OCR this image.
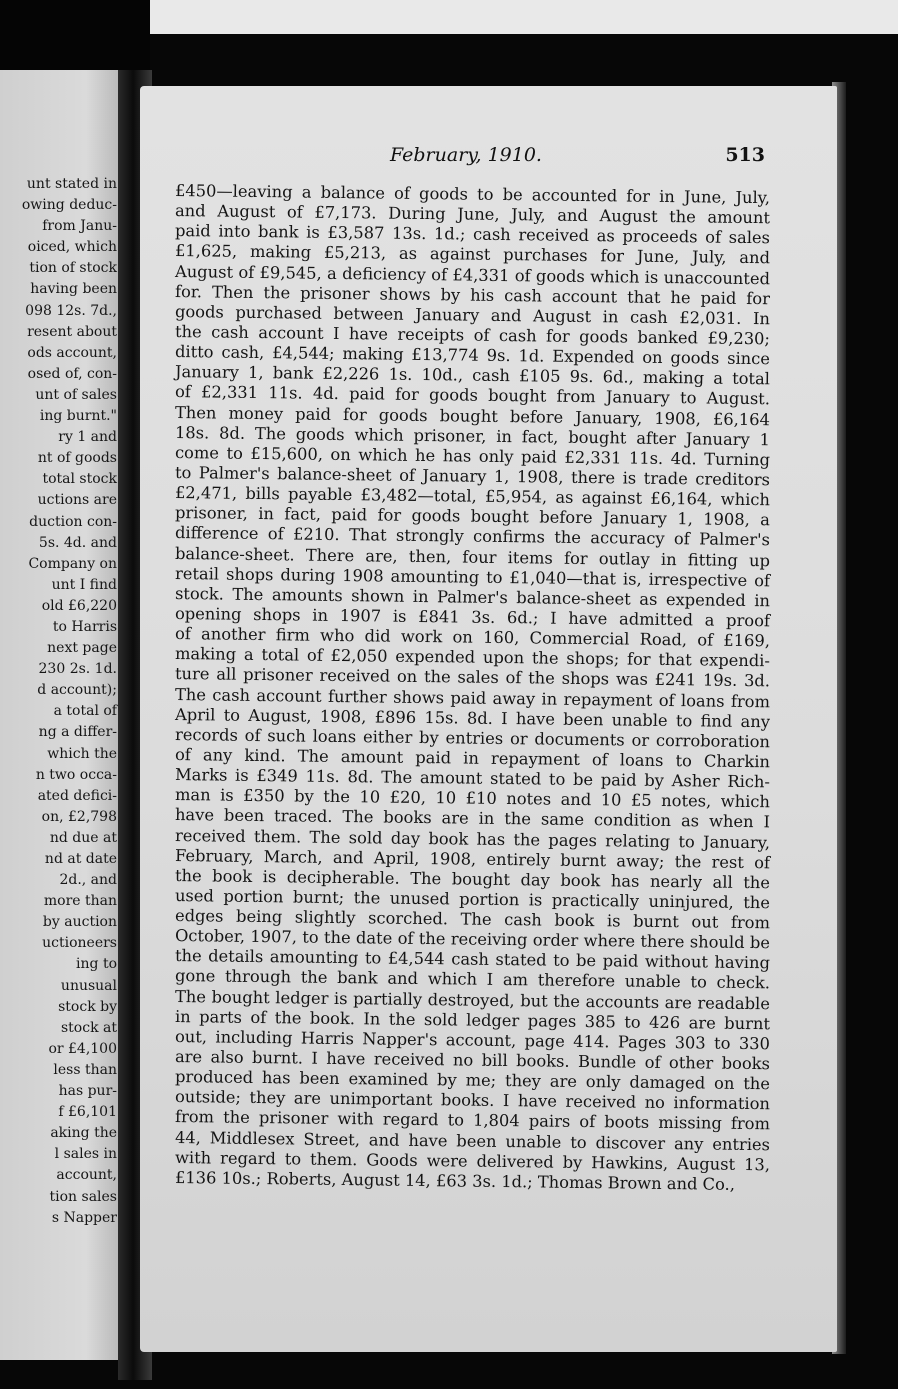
unt stated in
owing deduc-
from Janu-
oiced, which
tion of stock
having been
098 12s. 7d.,
resent about
ods account,
osed of, con-
unt of sales
ing burnt."
ry 1 and
nt of goods
total stock
uctions are
duction con-
5s. 4d. and
Company on
unt I find
old £6,220
to Harris
next page
230 2s. 1d.
d account);
a total of
ng a differ-
which the
n two occa-
ated defici-
on, £2,798
nd due at
nd at date
2d., and
more than
by auction
uctioneers
ing to
unusual
stock by
stock at
or £4,100
less than
has pur-
f £6,101
aking the
l sales in
account,
tion sales
s Napper
February, 1910.	513
£450—leaving a balance of goods to be accounted for in June, July,
and August of £7,173. During June, July, and August the amount
paid into bank is £3,587 13s. 1d.; cash received as proceeds of sales
£1,625, making £5,213, as against purchases for June, July, and
August of £9,545, a deficiency of £4,331 of goods which is unaccounted
for. Then the prisoner shows by his cash account that he paid for
goods purchased between January and August in cash £2,031. In
the cash account I have receipts of cash for goods banked £9,230;
ditto cash, £4,544; making £13,774 9s. 1d. Expended on goods since
January 1, bank £2,226 1s. 10d., cash £105 9s. 6d., making a total
of £2,331 11s. 4d. paid for goods bought from January to August.
Then money paid for goods bought before January, 1908, £6,164
18s. 8d. The goods which prisoner, in fact, bought after January 1
come to £15,600, on which he has only paid £2,331 11s. 4d. Turning
to Palmer's balance-sheet of January 1, 1908, there is trade creditors
£2,471, bills payable £3,482—total, £5,954, as against £6,164, which
prisoner, in fact, paid for goods bought before January 1, 1908, a
difference of £210. That strongly confirms the accuracy of Palmer's
balance-sheet. There are, then, four items for outlay in fitting up
retail shops during 1908 amounting to £1,040—that is, irrespective of
stock. The amounts shown in Palmer's balance-sheet as expended in
opening shops in 1907 is £841 3s. 6d.; I have admitted a proof
of another firm who did work on 160, Commercial Road, of £169,
making a total of £2,050 expended upon the shops; for that expendi-
ture all prisoner received on the sales of the shops was £241 19s. 3d.
The cash account further shows paid away in repayment of loans from
April to August, 1908, £896 15s. 8d. I have been unable to find any
records of such loans either by entries or documents or corroboration
of any kind. The amount paid in repayment of loans to Charkin
Marks is £349 11s. 8d. The amount stated to be paid by Asher Rich-
man is £350 by the 10 £20, 10 £10 notes and 10 £5 notes, which
have been traced. The books are in the same condition as when I
received them. The sold day book has the pages relating to January,
February, March, and April, 1908, entirely burnt away; the rest of
the book is decipherable. The bought day book has nearly all the
used portion burnt; the unused portion is practically uninjured, the
edges being slightly scorched. The cash book is burnt out from
October, 1907, to the date of the receiving order where there should be
the details amounting to £4,544 cash stated to be paid without having
gone through the bank and which I am therefore unable to check.
The bought ledger is partially destroyed, but the accounts are readable
in parts of the book. In the sold ledger pages 385 to 426 are burnt
out, including Harris Napper's account, page 414. Pages 303 to 330
are also burnt. I have received no bill books. Bundle of other books
produced has been examined by me; they are only damaged on the
outside; they are unimportant books. I have received no information
from the prisoner with regard to 1,804 pairs of boots missing from
44, Middlesex Street, and have been unable to discover any entries
with regard to them. Goods were delivered by Hawkins, August 13,
£136 10s.; Roberts, August 14, £63 3s. 1d.; Thomas Brown and Co.,
